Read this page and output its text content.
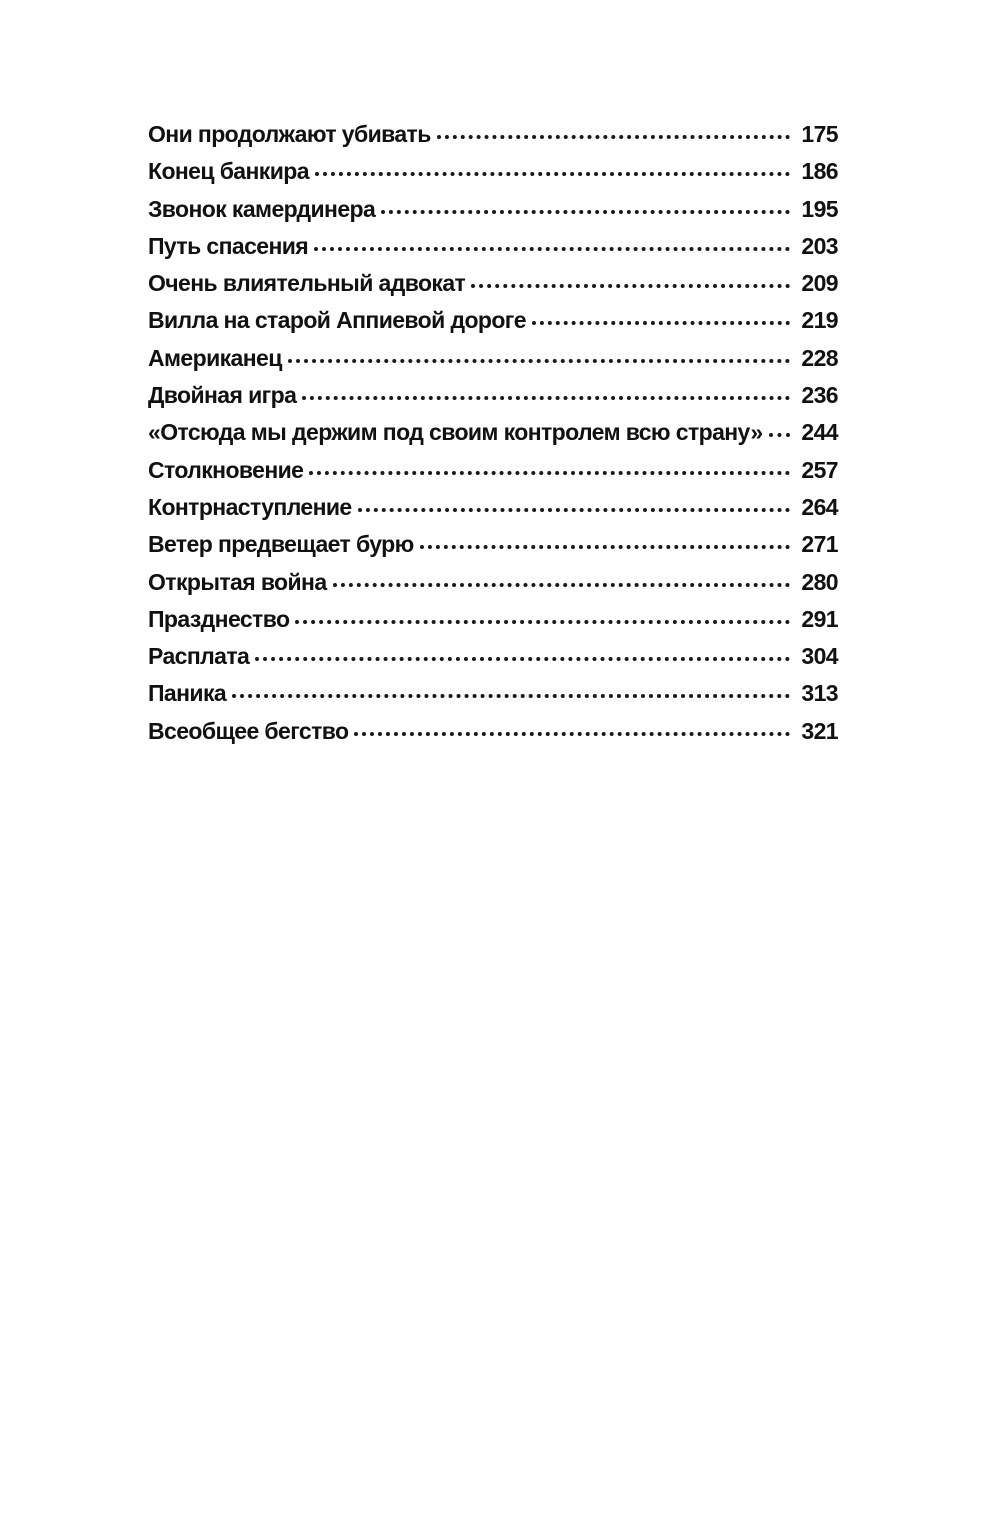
Они продолжают убивать	175
Конец банкира	186
Звонок камердинера	195
Путь спасения	203
Очень влиятельный адвокат	209
Вилла на старой Аппиевой дороге	219
Американец	228
Двойная игра	236
«Отсюда мы держим под своим контролем всю страну» 244
Столкновение	257
Контрнаступление	264
Ветер предвещает бурю	271
Открытая война	280
Празднество	291
Расплата	304
Паника	313
Всеобщее бегство	321
